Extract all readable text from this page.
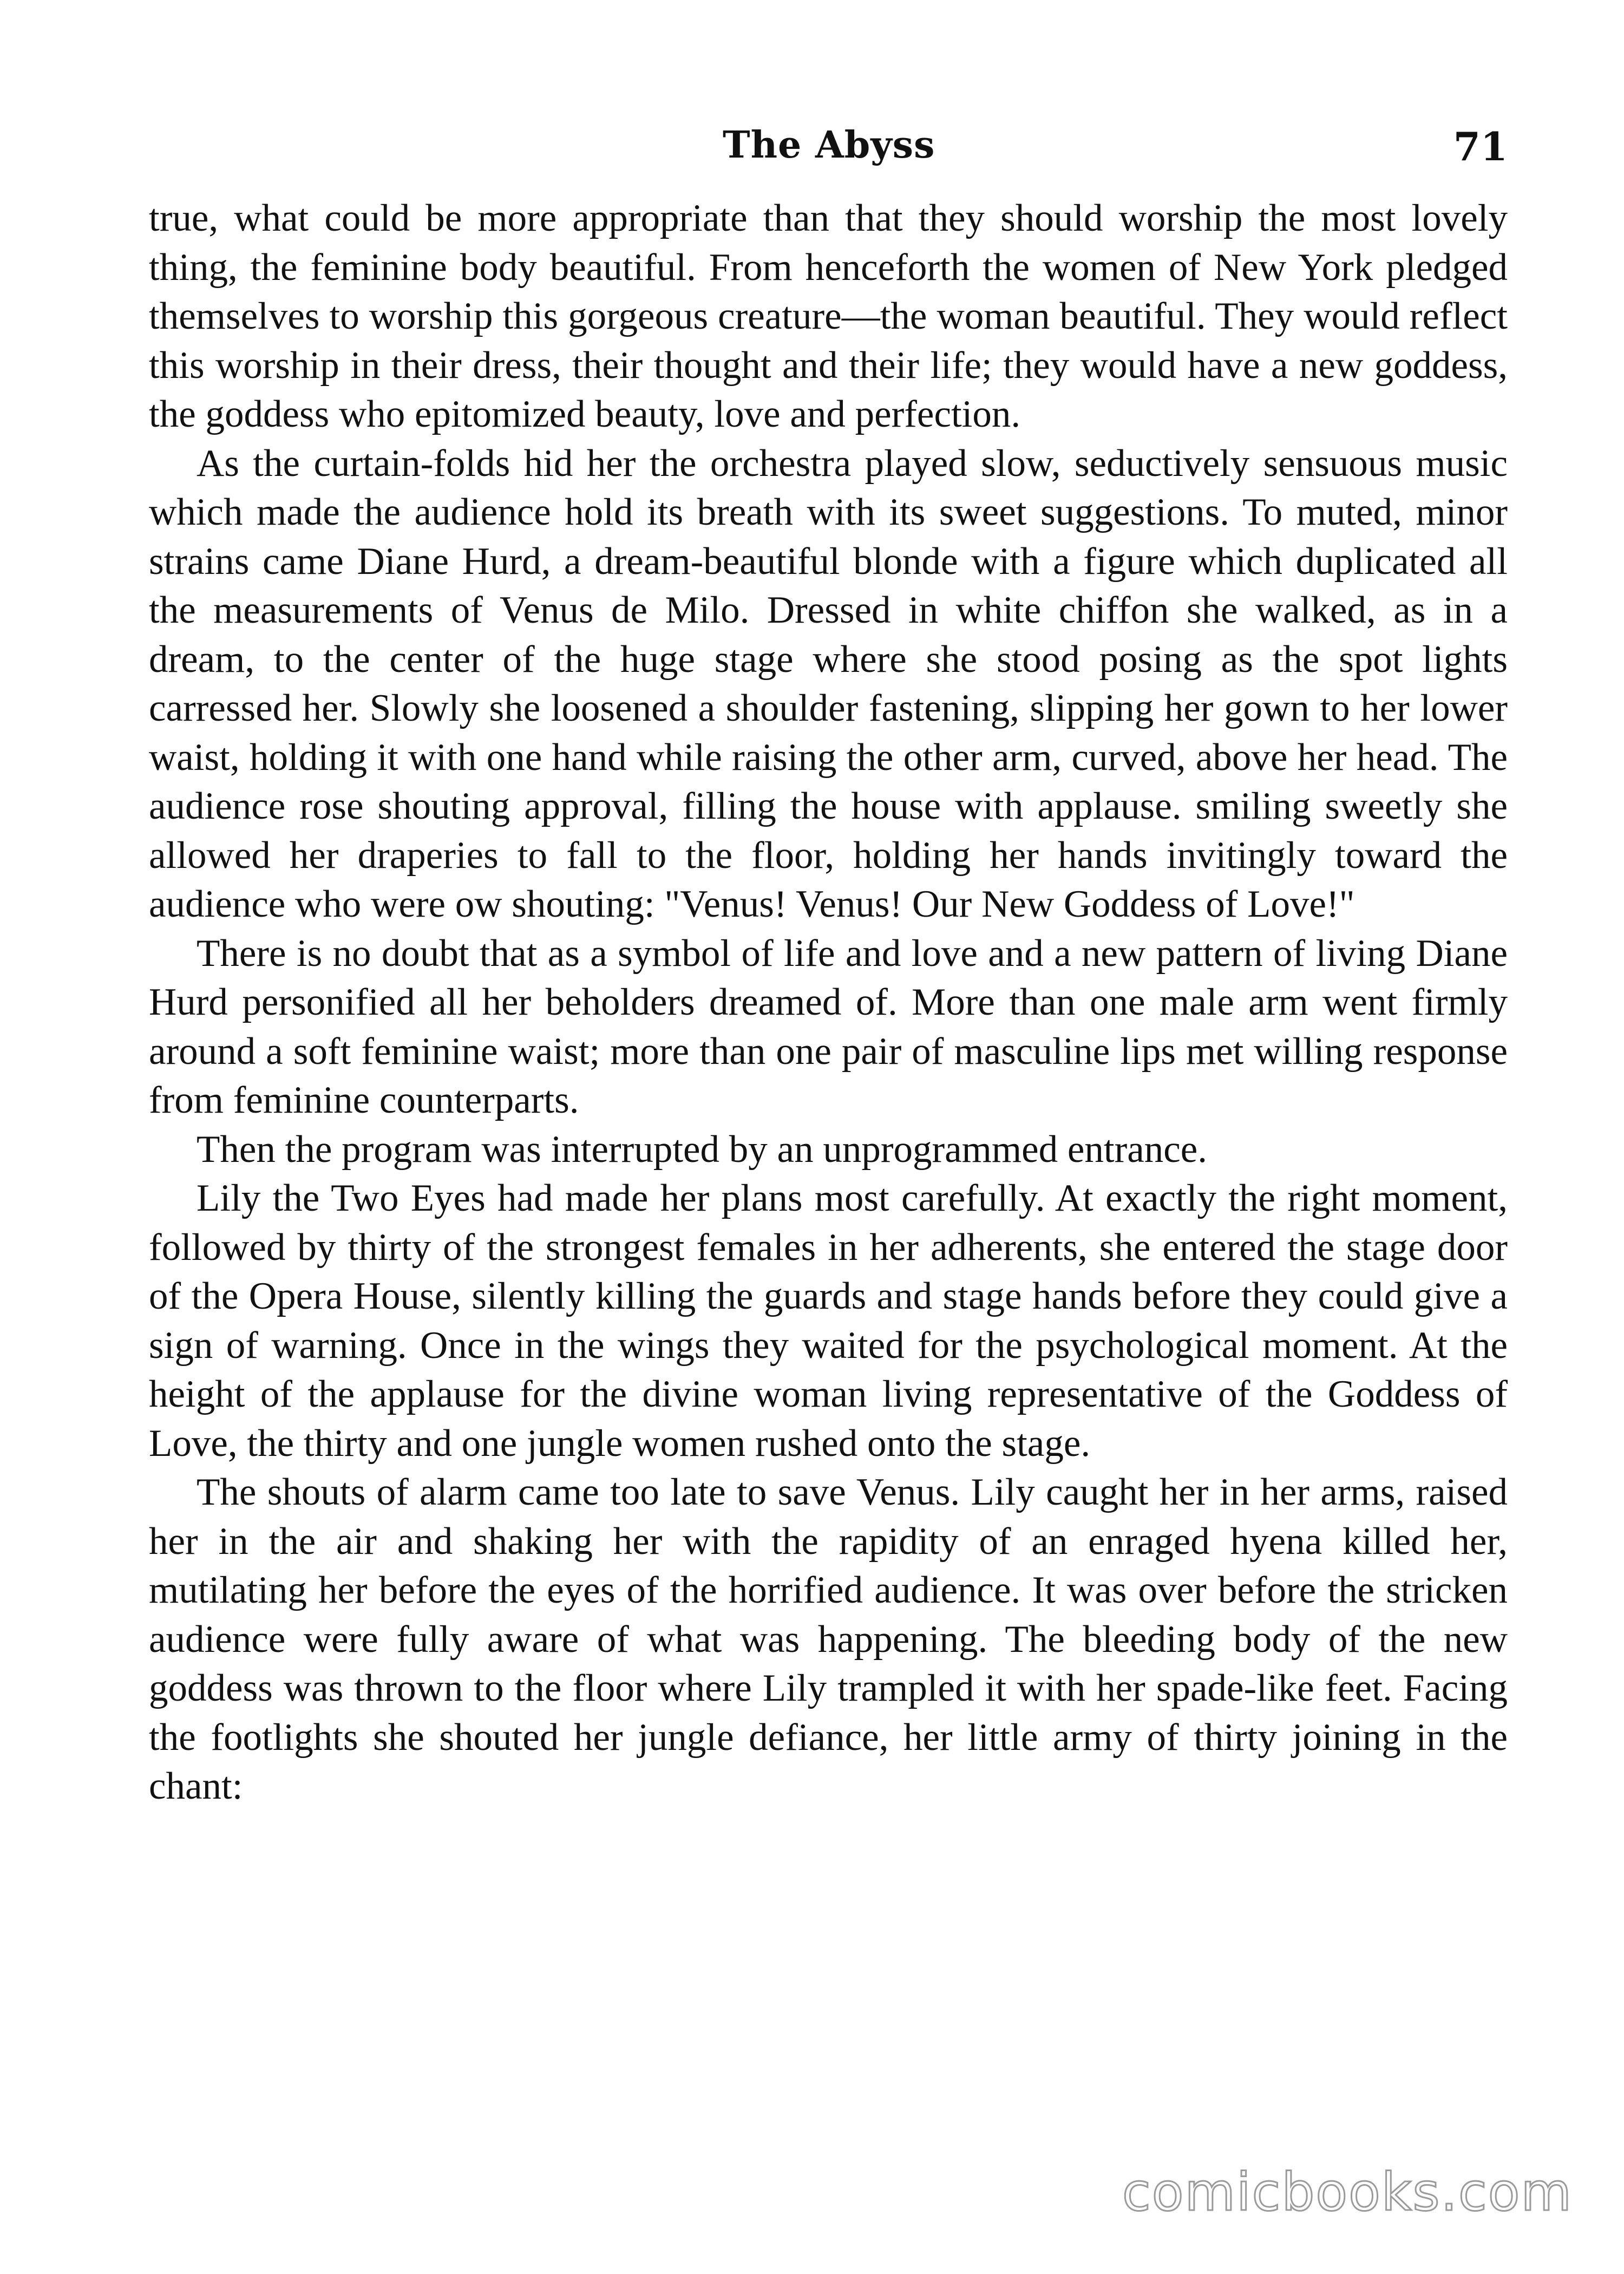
The Abyss	71

true, what could be more appropriate than that they should worship the most lovely thing, the feminine body beautiful. From henceforth the women of New York pledged themselves to worship this gorgeous creature—the woman beautiful. They would reflect this worship in their dress, their thought and their life; they would have a new goddess, the goddess who epitomized beauty, love and perfection.

As the curtain-folds hid her the orchestra played slow, seductively sensuous music which made the audience hold its breath with its sweet suggestions. To muted, minor strains came Diane Hurd, a dream-beautiful blonde with a figure which duplicated all the measurements of Venus de Milo. Dressed in white chiffon she walked, as in a dream, to the center of the huge stage where she stood posing as the spot lights carressed her. Slowly she loosened a shoulder fastening, slipping her gown to her lower waist, holding it with one hand while raising the other arm, curved, above her head. The audience rose shouting approval, filling the house with applause. smiling sweetly she allowed her draperies to fall to the floor, holding her hands invitingly toward the audience who were ow shouting: "Venus! Venus! Our New Goddess of Love!"

There is no doubt that as a symbol of life and love and a new pattern of living Diane Hurd personified all her beholders dreamed of. More than one male arm went firmly around a soft feminine waist; more than one pair of masculine lips met willing response from feminine counterparts.

Then the program was interrupted by an unprogrammed entrance.

Lily the Two Eyes had made her plans most carefully. At exactly the right moment, followed by thirty of the strongest females in her adherents, she entered the stage door of the Opera House, silently killing the guards and stage hands before they could give a sign of warning. Once in the wings they waited for the psychological moment. At the height of the applause for the divine woman living representative of the Goddess of Love, the thirty and one jungle women rushed onto the stage.

The shouts of alarm came too late to save Venus. Lily caught her in her arms, raised her in the air and shaking her with the rapidity of an enraged hyena killed her, mutilating her before the eyes of the horrified audience. It was over before the stricken audience were fully aware of what was happening. The bleeding body of the new goddess was thrown to the floor where Lily trampled it with her spade-like feet. Facing the footlights she shouted her jungle defiance, her little army of thirty joining in the chant:

comicbooks.com
